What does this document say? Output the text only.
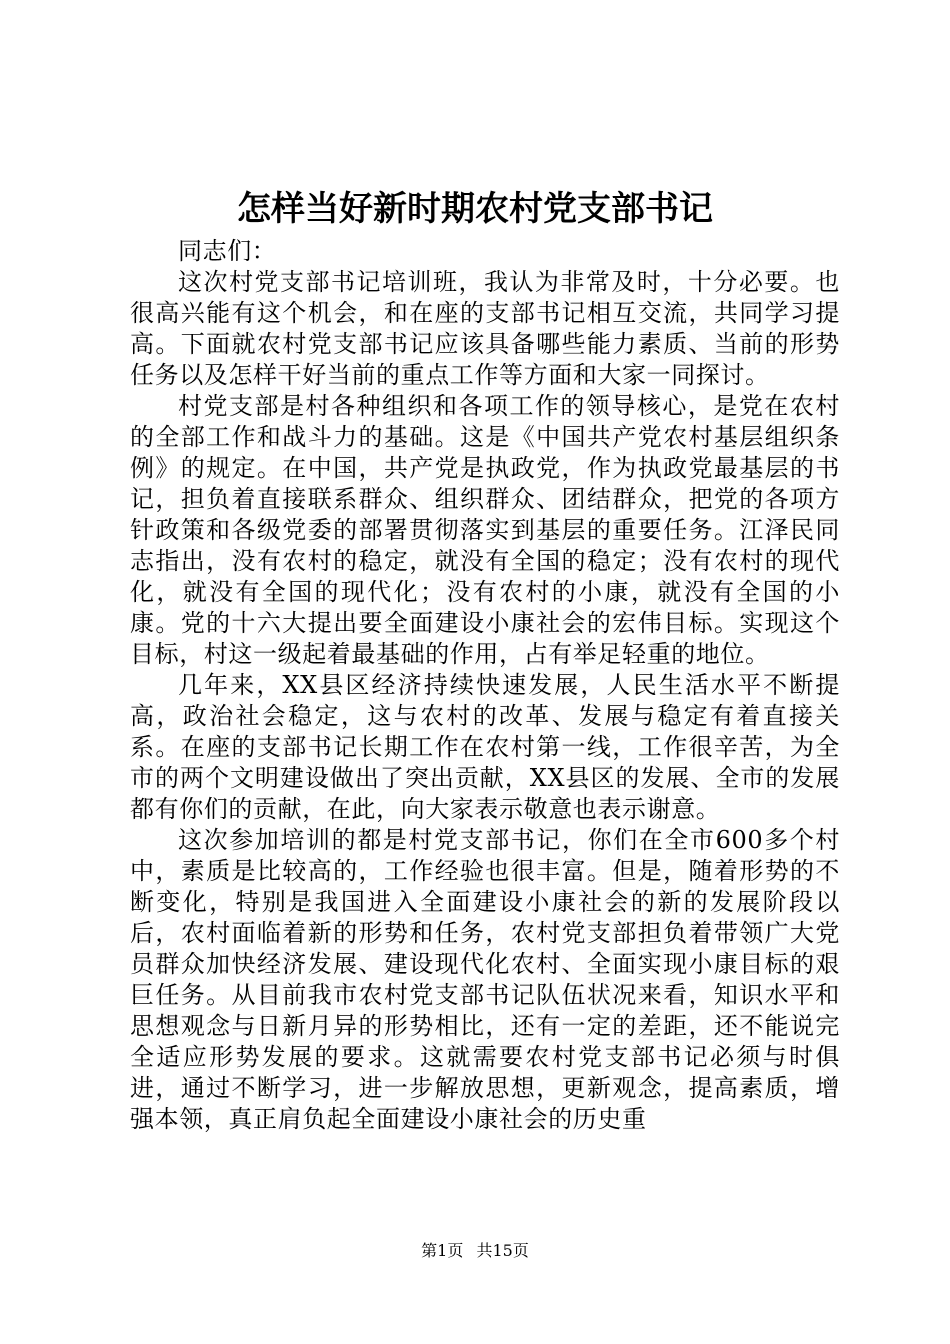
怎样当好新时期农村党支部书记

同志们：

这次村党支部书记培训班，我认为非常及时，十分必要。也很高兴能有这个机会，和在座的支部书记相互交流，共同学习提高。下面就农村党支部书记应该具备哪些能力素质、当前的形势任务以及怎样干好当前的重点工作等方面和大家一同探讨。

村党支部是村各种组织和各项工作的领导核心，是党在农村的全部工作和战斗力的基础。这是《中国共产党农村基层组织条例》的规定。在中国，共产党是执政党，作为执政党最基层的书记，担负着直接联系群众、组织群众、团结群众，把党的各项方针政策和各级党委的部署贯彻落实到基层的重要任务。江泽民同志指出，没有农村的稳定，就没有全国的稳定；没有农村的现代化，就没有全国的现代化；没有农村的小康，就没有全国的小康。党的十六大提出要全面建设小康社会的宏伟目标。实现这个目标，村这一级起着最基础的作用，占有举足轻重的地位。

几年来，XX县区经济持续快速发展，人民生活水平不断提高，政治社会稳定，这与农村的改革、发展与稳定有着直接关系。在座的支部书记长期工作在农村第一线，工作很辛苦，为全市的两个文明建设做出了突出贡献，XX县区的发展、全市的发展都有你们的贡献，在此，向大家表示敬意也表示谢意。

这次参加培训的都是村党支部书记，你们在全市600多个村中，素质是比较高的，工作经验也很丰富。但是，随着形势的不断变化，特别是我国进入全面建设小康社会的新的发展阶段以后，农村面临着新的形势和任务，农村党支部担负着带领广大党员群众加快经济发展、建设现代化农村、全面实现小康目标的艰巨任务。从目前我市农村党支部书记队伍状况来看，知识水平和思想观念与日新月异的形势相比，还有一定的差距，还不能说完全适应形势发展的要求。这就需要农村党支部书记必须与时俱进，通过不断学习，进一步解放思想，更新观念，提高素质，增强本领，真正肩负起全面建设小康社会的历史重

第1页 共15页
